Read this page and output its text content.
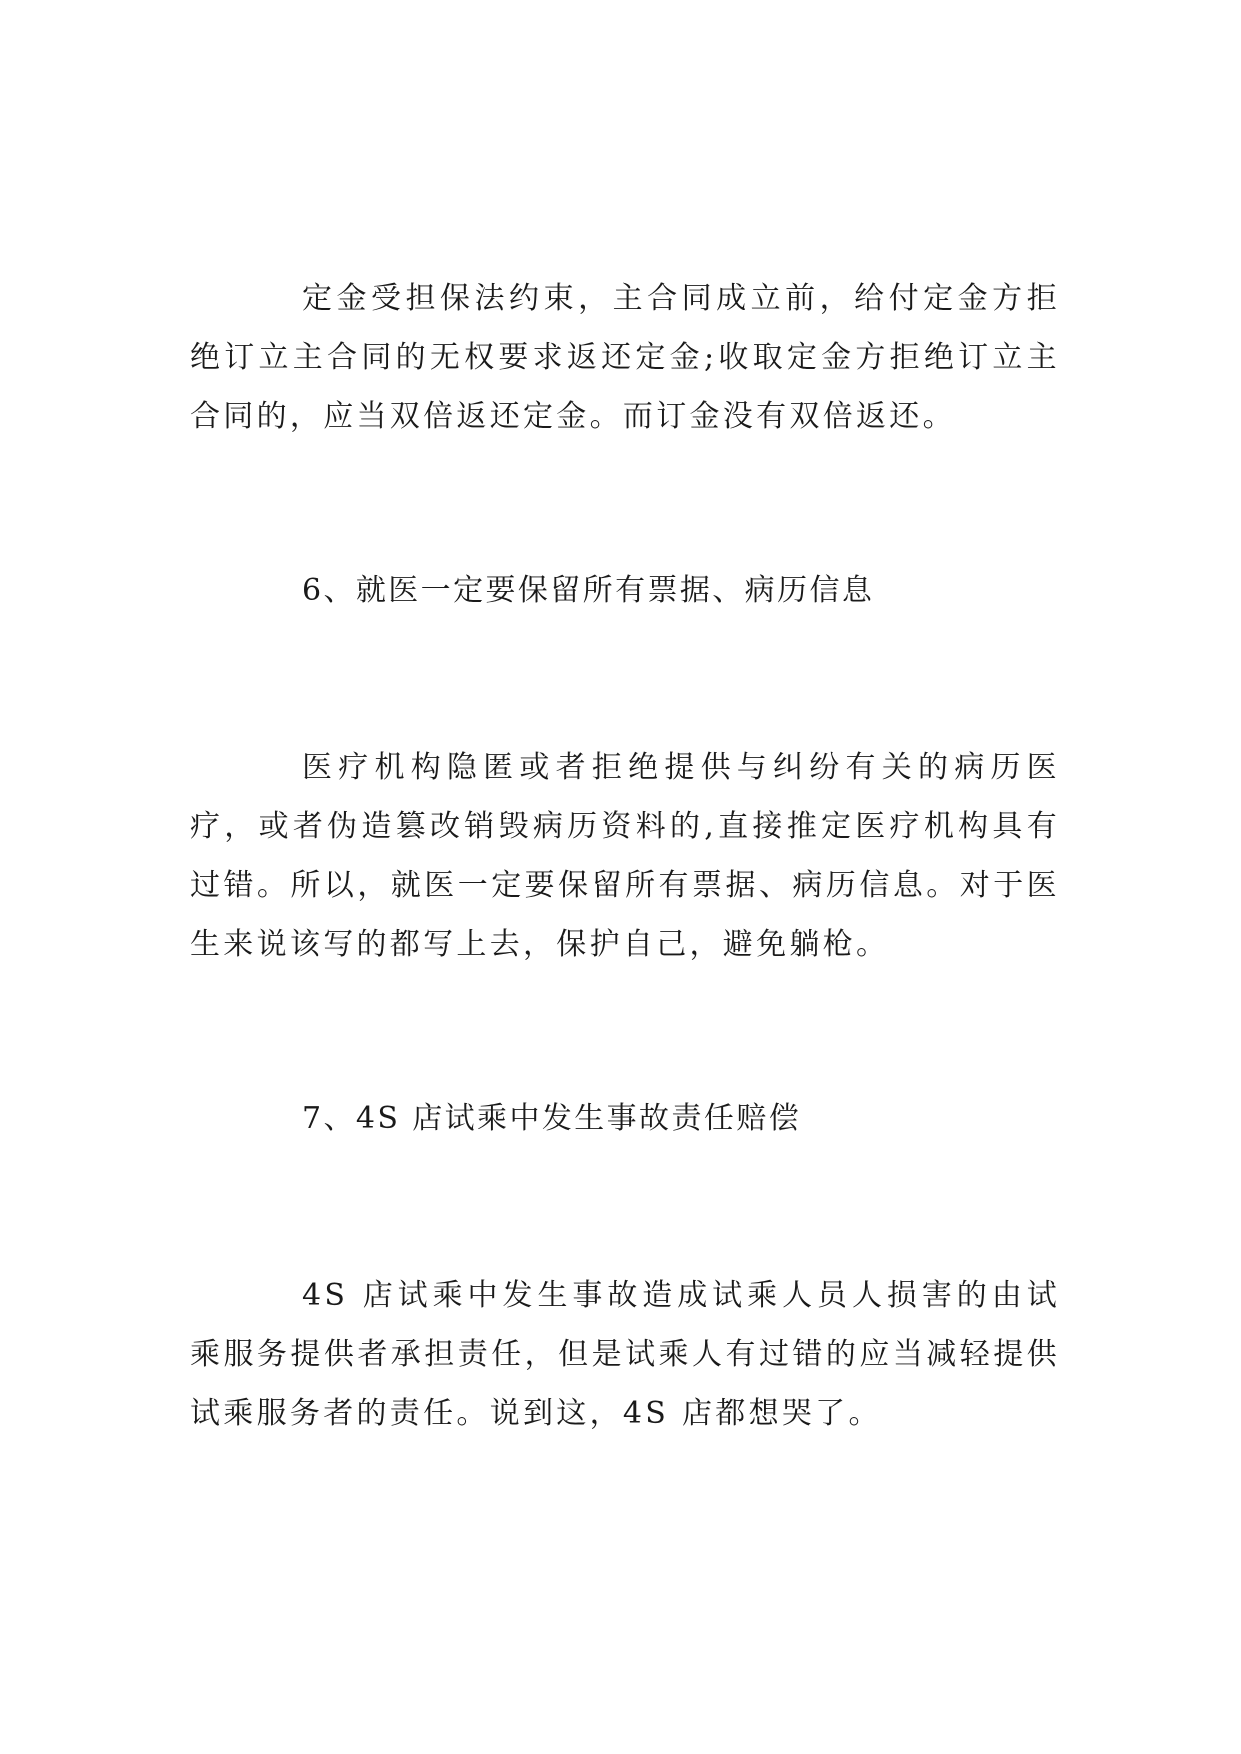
定金受担保法约束，主合同成立前，给付定金方拒绝订立主合同的无权要求返还定金;收取定金方拒绝订立主合同的，应当双倍返还定金。而订金没有双倍返还。

6、就医一定要保留所有票据、病历信息

医疗机构隐匿或者拒绝提供与纠纷有关的病历医疗，或者伪造篡改销毁病历资料的,直接推定医疗机构具有过错。所以，就医一定要保留所有票据、病历信息。对于医生来说该写的都写上去，保护自己，避免躺枪。

7、4S 店试乘中发生事故责任赔偿

4S 店试乘中发生事故造成试乘人员人损害的由试乘服务提供者承担责任，但是试乘人有过错的应当减轻提供试乘服务者的责任。说到这，4S 店都想哭了。
